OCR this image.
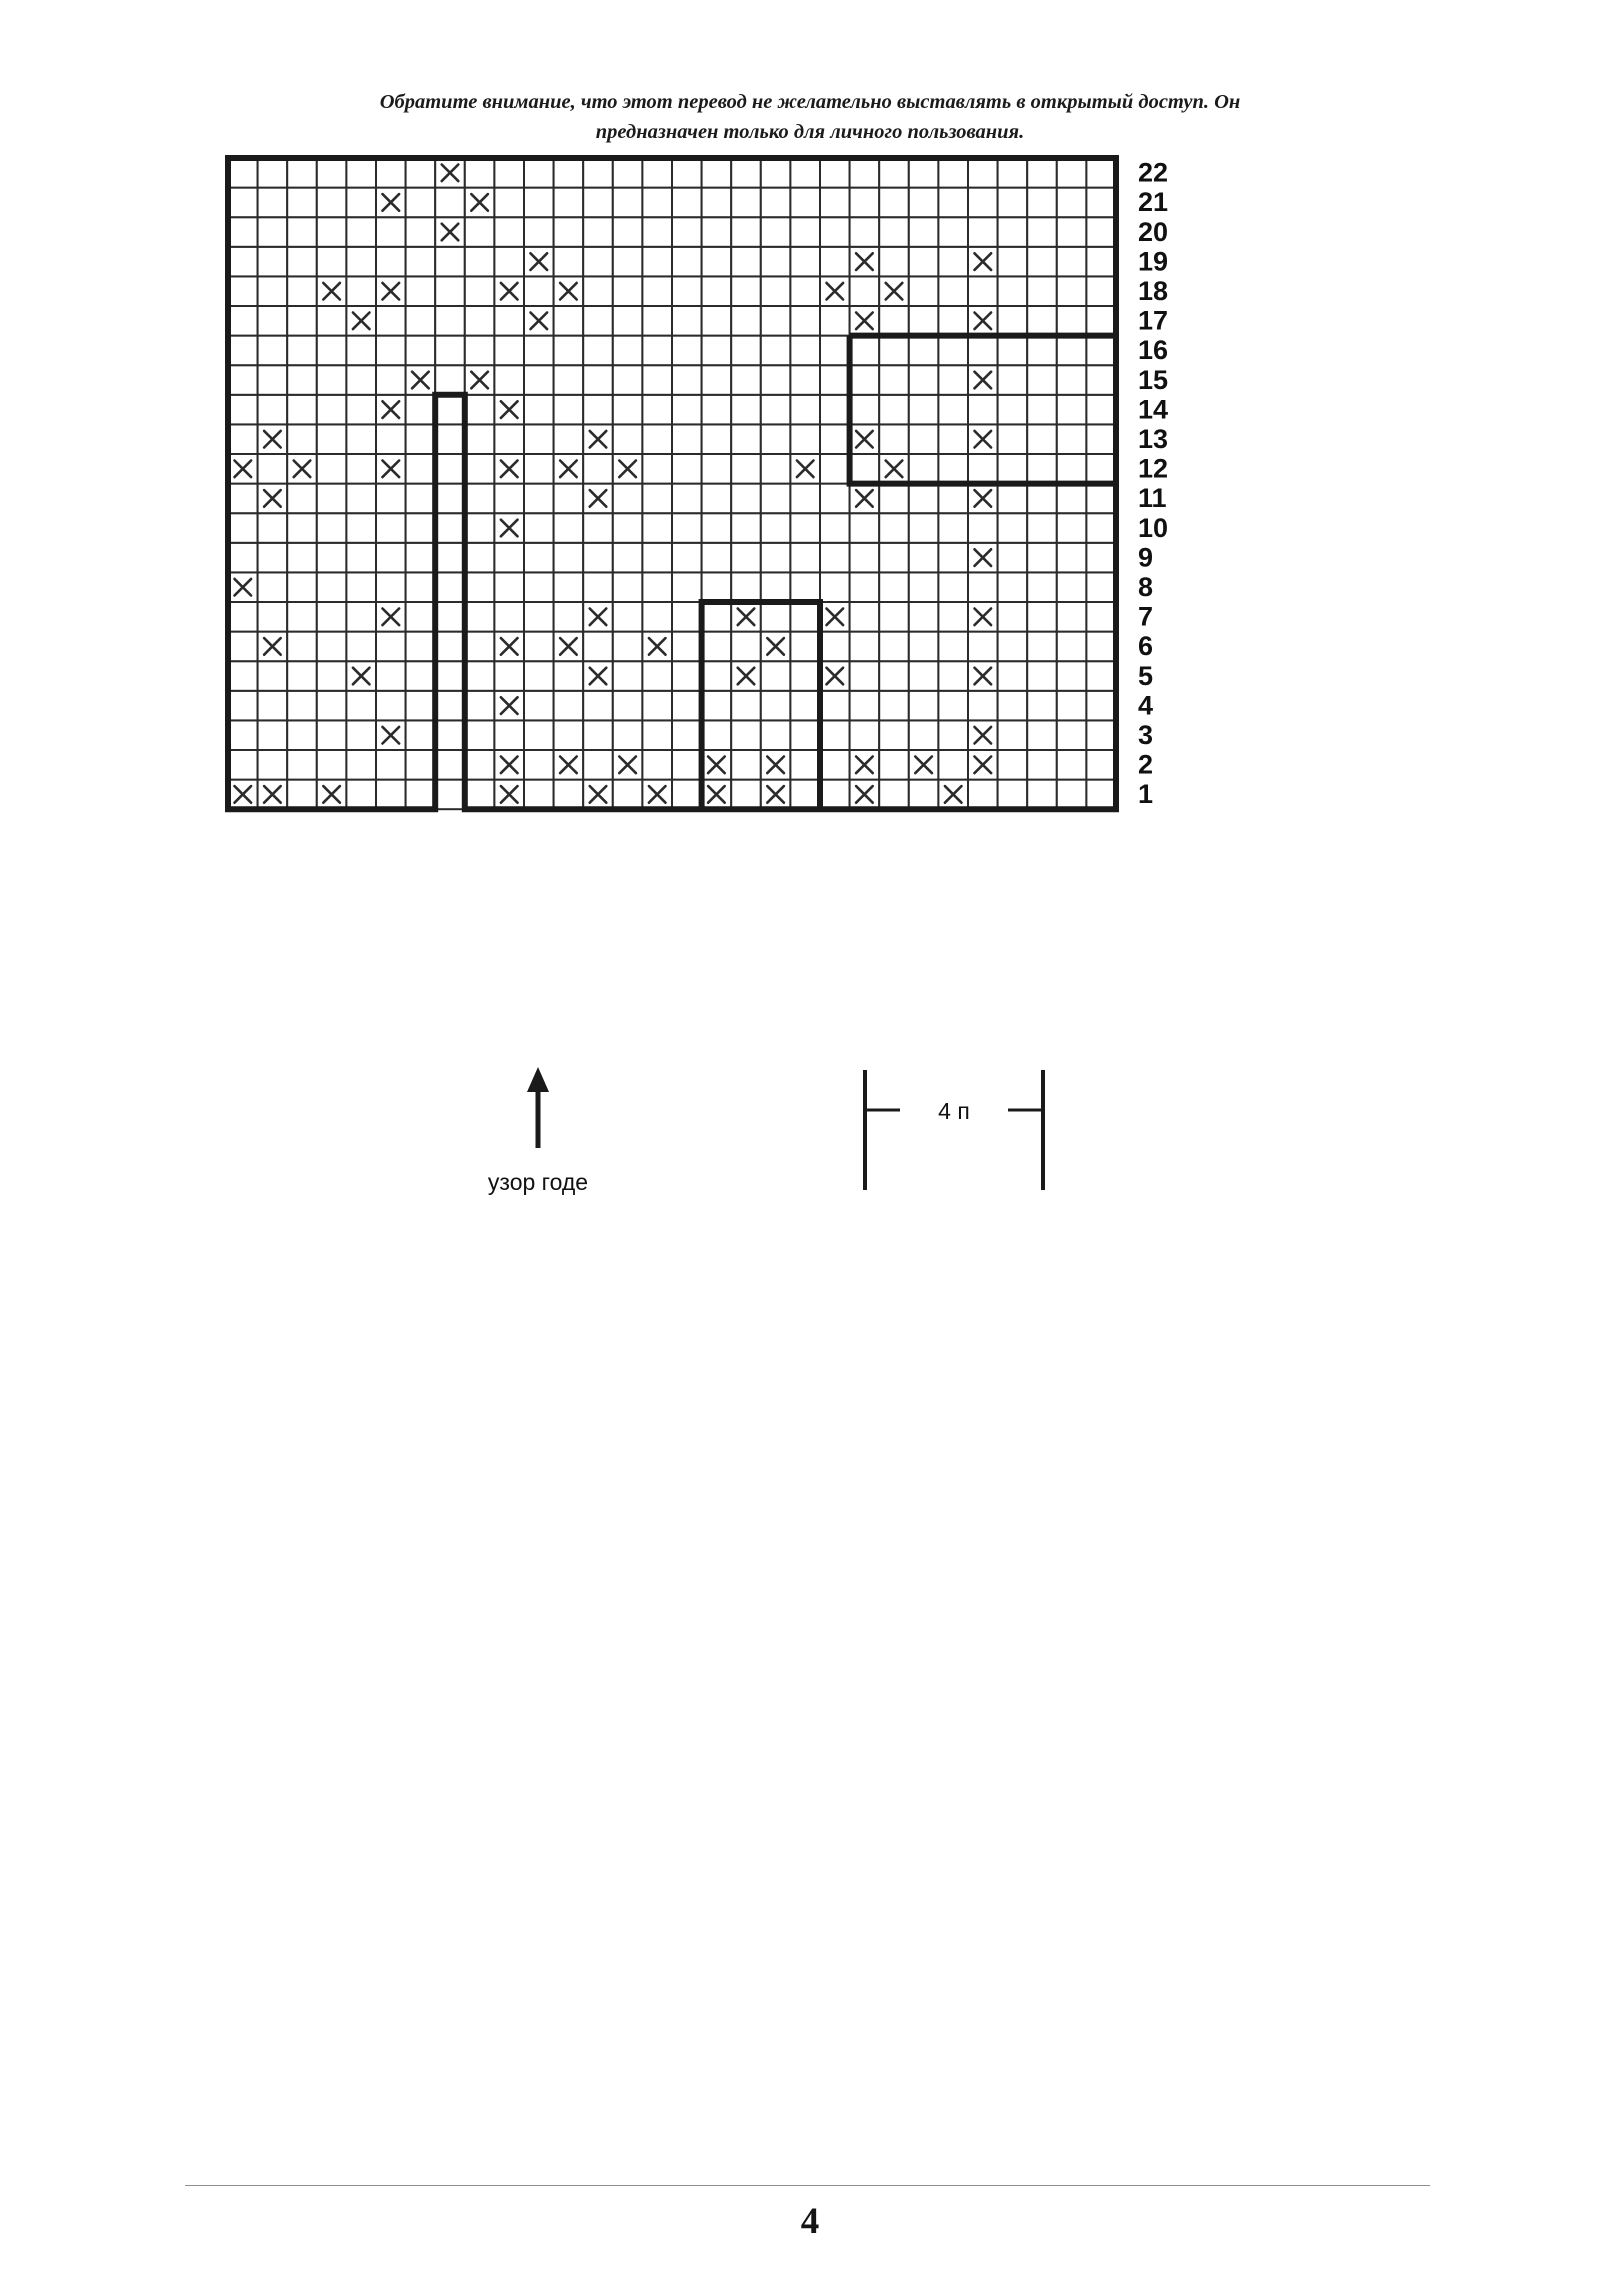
Обратите внимание, что этот перевод не желательно выставлять в открытый доступ. Он
предназначен только для личного пользования.
22
21
20
19
18
17
16
15
14
13
12
11
10
9
8
7
6
5
4
3
2
1
узор годе
4 п
4
